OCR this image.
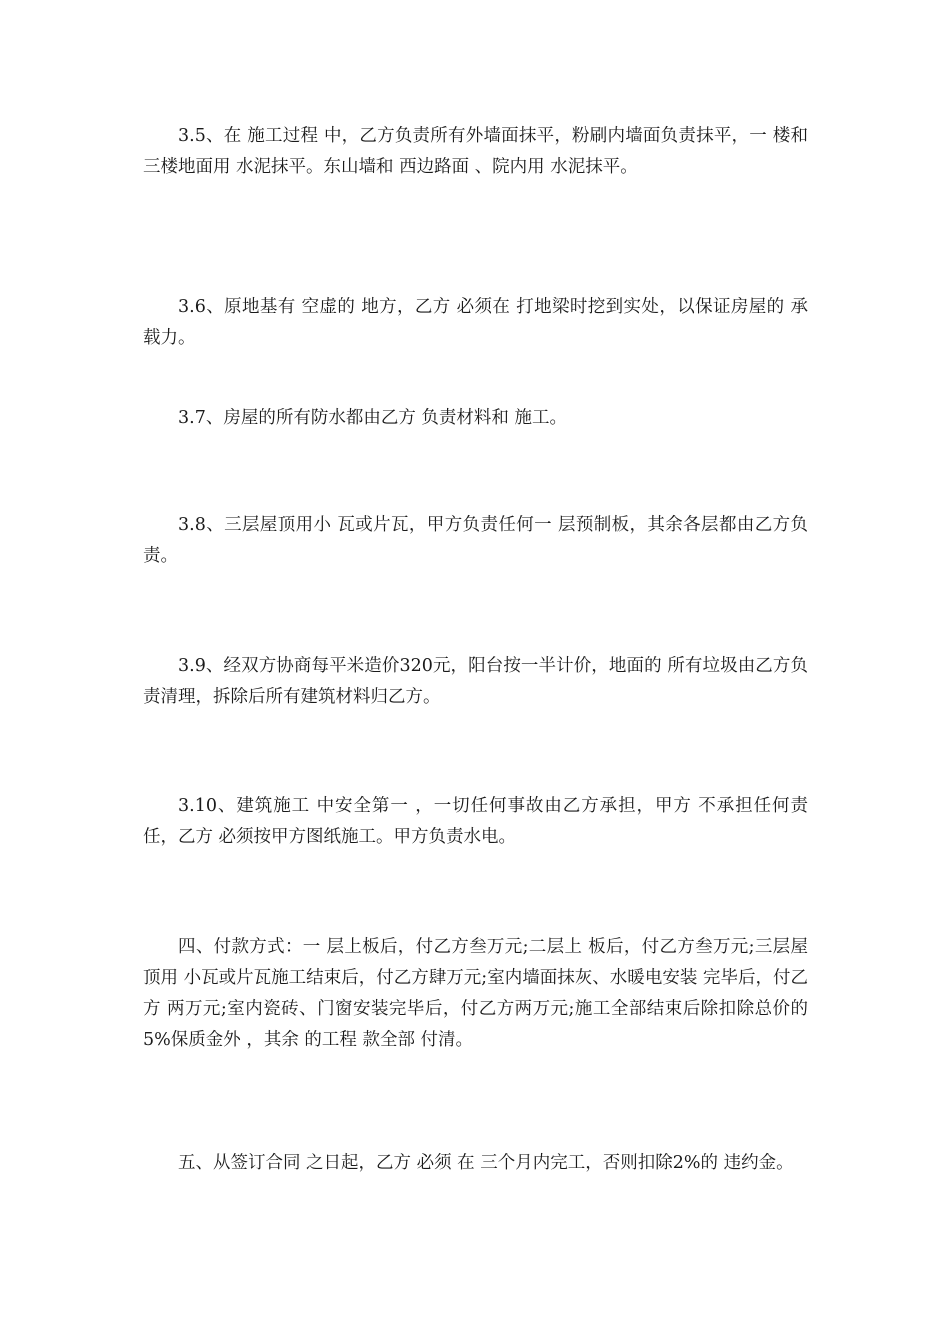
3.5、在 施工过程 中，乙方负责所有外墙面抹平，粉刷内墙面负责抹平，一 楼和 三楼地面用 水泥抹平。东山墙和 西边路面 、院内用 水泥抹平。

3.6、原地基有 空虚的 地方，乙方 必须在 打地梁时挖到实处，以保证房屋的 承载力。

3.7、房屋的所有防水都由乙方 负责材料和 施工。

3.8、三层屋顶用小 瓦或片瓦，甲方负责任何一 层预制板，其余各层都由乙方负责。

3.9、经双方协商每平米造价320元，阳台按一半计价，地面的 所有垃圾由乙方负责清理，拆除后所有建筑材料归乙方。

3.10、建筑施工 中安全第一 ，一切任何事故由乙方承担，甲方 不承担任何责任，乙方 必须按甲方图纸施工。甲方负责水电。

四、付款方式：一 层上板后，付乙方叁万元;二层上 板后，付乙方叁万元;三层屋顶用 小瓦或片瓦施工结束后，付乙方肆万元;室内墙面抹灰、水暖电安装 完毕后，付乙方 两万元;室内瓷砖、门窗安装完毕后，付乙方两万元;施工全部结束后除扣除总价的 5%保质金外 ，其余 的工程 款全部 付清。

五、从签订合同 之日起，乙方 必须 在 三个月内完工，否则扣除2%的 违约金。
